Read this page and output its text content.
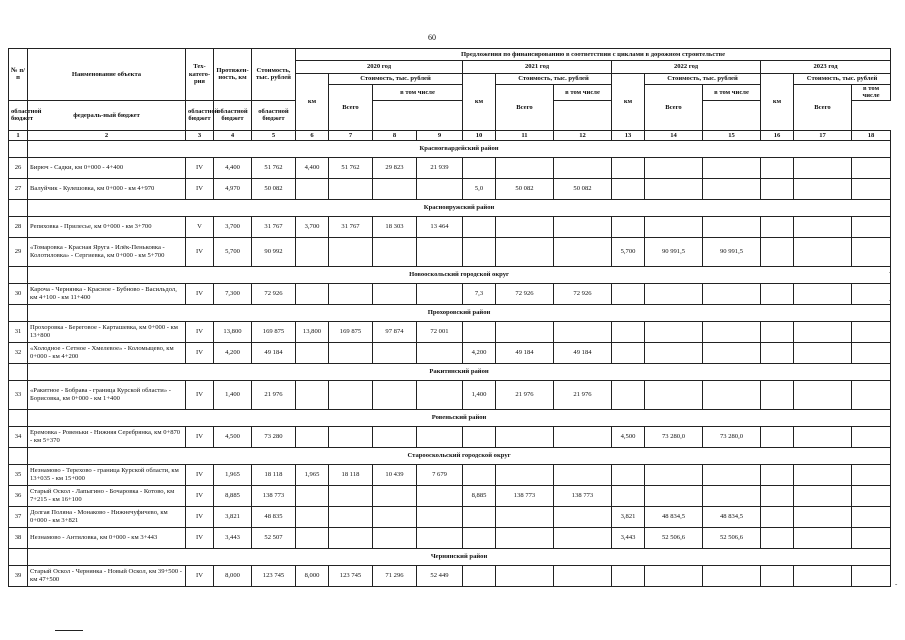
60
№ п/п	Наименование объекта	Тех-катего-рия	Протяжен-ность, км	Стоимость, тыс. рублей	Предложения по финансированию в соответствии с циклами в дорожном строительстве												
					2020 год				2021 год			2022 год			2023 год		
					км	Стоимость, тыс. рублей			км	Стоимость, тыс. рублей		км	Стоимость, тыс. рублей		км	Стоимость, тыс. рублей	
						Всего	в том числе			Всего	в том числе		Всего	в том числе		Всего	в том числе
областной бюджет	федераль-ный бюджет	областной бюджет	областной бюджет	областной бюджет													
1	2	3	4	5	6	7	8	9	10	11	12	13	14	15	16	17	18
	Красногвардейский район																
26	Бирюч - Садки, км 0+000 - 4+400	IV	4,400	51 762	4,400	51 762	29 823	21 939									
27	Валуйчик - Кулешовка, км 0+000 - км 4+970	IV	4,970	50 082					5,0	50 082	50 082						
	Краснояружский район																
28	Репяховка - Прилесье, км 0+000 - км 3+700	V	3,700	31 767	3,700	31 767	18 303	13 464									
29	«Томаровка - Красная Яруга - Илёк-Пеньковка - Колотиловка» - Сергиевка, км 0+000 - км 5+700	IV	5,700	90 992								5,700	90 991,5	90 991,5			
	Новооскольский городской округ																
30	Кароча - Чернянка - Красное - Бубново - Васильдол, км 4+100 - км 11+400	IV	7,300	72 926					7,3	72 926	72 926						
	Прохоровский район																
31	Прохоровка - Береговое - Карташевка, км 0+000 - км 13+800	IV	13,800	169 875	13,800	169 875	97 874	72 001									
32	«Холодное - Сетное - Хмелевое» - Коломыцево, км 0+000 - км 4+200	IV	4,200	49 184					4,200	49 184	49 184						
	Ракитянский район																
33	«Ракитное - Бобрава - граница Курской области» - Борисовка, км 0+000 - км 1+400	IV	1,400	21 976					1,400	21 976	21 976						
	Ровеньский район																
34	Еремовка - Ровеньки - Нижняя Серебрянка, км 0+870 - км 5+370	IV	4,500	73 280								4,500	73 280,0	73 280,0			
	Старооскольский городской округ																
35	Незнамово - Терехово - граница Курской области, км 13+035 - км 15+000	IV	1,965	18 118	1,965	18 118	10 439	7 679									
36	Старый Оскол - Лапыгино - Бочаровка - Котово, км 7+215 - км 16+100	IV	8,885	138 773					8,885	138 773	138 773						
37	Долгая Поляна - Монаково - Нижнечуфичево, км 0+000 - км 3+821	IV	3,821	48 835								3,821	48 834,5	48 834,5			
38	Незнамово - Антиловка, км 0+000 - км 3+443	IV	3,443	52 507								3,443	52 506,6	52 506,6			
	Чернянский район																
39	Старый Оскол - Чернянка - Новый Оскол, км 39+500 - км 47+500	IV	8,000	123 745	8,000	123 745	71 296	52 449									
-
-
-
